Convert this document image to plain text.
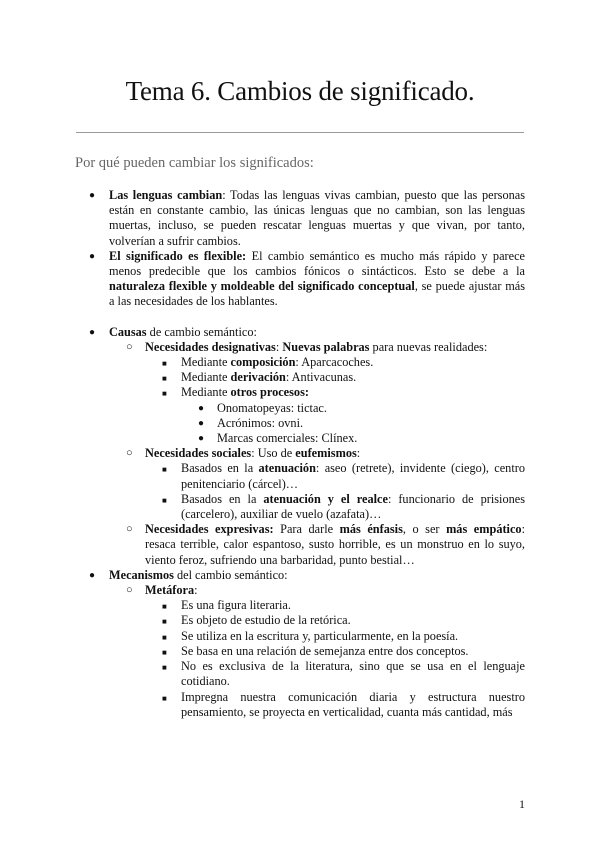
Tema 6. Cambios de significado.
Por qué pueden cambiar los significados:
● Las lenguas cambian: Todas las lenguas vivas cambian, puesto que las personas están en constante cambio, las únicas lenguas que no cambian, son las lenguas muertas, incluso, se pueden rescatar lenguas muertas y que vivan, por tanto, volverían a sufrir cambios.
● El significado es flexible: El cambio semántico es mucho más rápido y parece menos predecible que los cambios fónicos o sintácticos. Esto se debe a la naturaleza flexible y moldeable del significado conceptual, se puede ajustar más a las necesidades de los hablantes.
● Causas de cambio semántico:
○ Necesidades designativas: Nuevas palabras para nuevas realidades:
■ Mediante composición: Aparcacoches.
■ Mediante derivación: Antivacunas.
■ Mediante otros procesos:
● Onomatopeyas: tictac.
● Acrónimos: ovni.
● Marcas comerciales: Clínex.
○ Necesidades sociales: Uso de eufemismos:
■ Basados en la atenuación: aseo (retrete), invidente (ciego), centro penitenciario (cárcel)…
■ Basados en la atenuación y el realce: funcionario de prisiones (carcelero), auxiliar de vuelo (azafata)…
○ Necesidades expresivas: Para darle más énfasis, o ser más empático: resaca terrible, calor espantoso, susto horrible, es un monstruo en lo suyo, viento feroz, sufriendo una barbaridad, punto bestial…
● Mecanismos del cambio semántico:
○ Metáfora:
■ Es una figura literaria.
■ Es objeto de estudio de la retórica.
■ Se utiliza en la escritura y, particularmente, en la poesía.
■ Se basa en una relación de semejanza entre dos conceptos.
■ No es exclusiva de la literatura, sino que se usa en el lenguaje cotidiano.
■ Impregna nuestra comunicación diaria y estructura nuestro pensamiento, se proyecta en verticalidad, cuanta más cantidad, más
1
